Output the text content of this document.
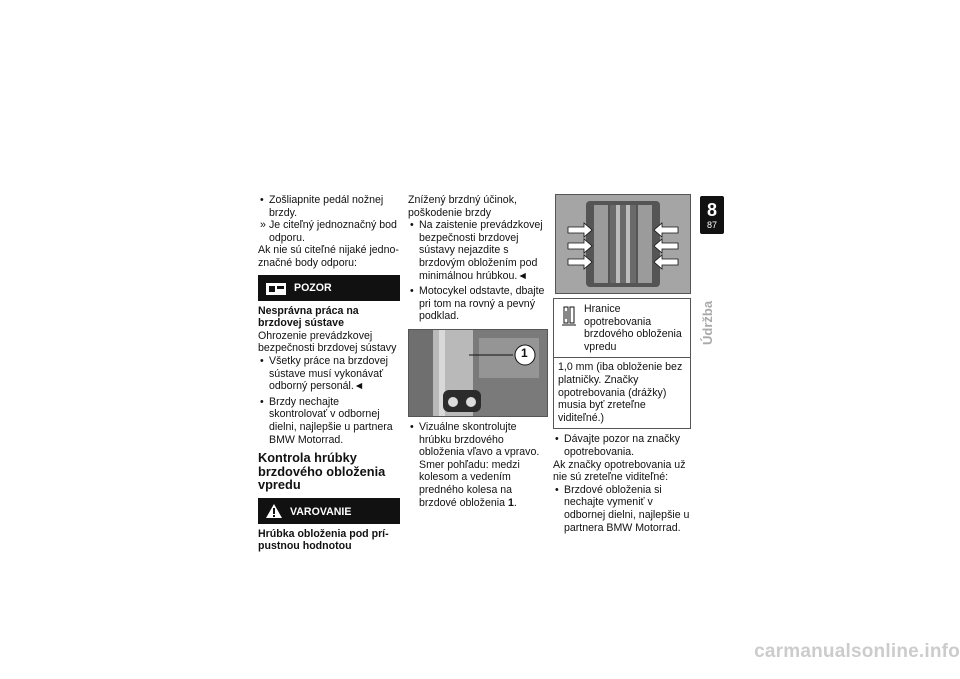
• Zošliapnite pedál nožnej brzdy.

» Je citeľný jednoznačný bod odporu.

Ak nie sú citeľné nijaké jednoznačné body odporu:

POZOR

Nesprávna práca na brzdovej sústave

Ohrozenie prevádzkovej bezpečnosti brzdovej sústavy

• Všetky práce na brzdovej sústave musí vykonávať odborný personál.◄

• Brzdy nechajte skontrolovať v odbornej dielni, najlepšie u partnera BMW Motorrad.

Kontrola hrúbky brzdového obloženia vpredu
VAROVANIE

Hrúbka obloženia pod prípustnou hodnotou

Znížený brzdný účinok, poškodenie brzdy

• Na zaistenie prevádzkovej bezpečnosti brzdovej sústavy nejazdite s brzdovým obložením pod minimálnou hrúbkou.◄

• Motocykel odstavte, dbajte pri tom na rovný a pevný podklad.

1

• Vizuálne skontrolujte hrúbku brzdového obloženia vľavo a vpravo. Smer pohľadu: medzi kolesom a vedením predného kolesa na brzdové obloženia 1.

Hranice opotrebovania brzdového obloženia vpredu

1,0 mm (iba obloženie bez platničky. Značky opotrebovania (drážky) musia byť zreteľne viditeľné.)

• Dávajte pozor na značky opotrebovania.

Ak značky opotrebovania už nie sú zreteľne viditeľné:

• Brzdové obloženia si nechajte vymeniť v odbornej dielni, najlepšie u partnera BMW Motorrad.

8
87
Údržba
carmanualsonline.info
